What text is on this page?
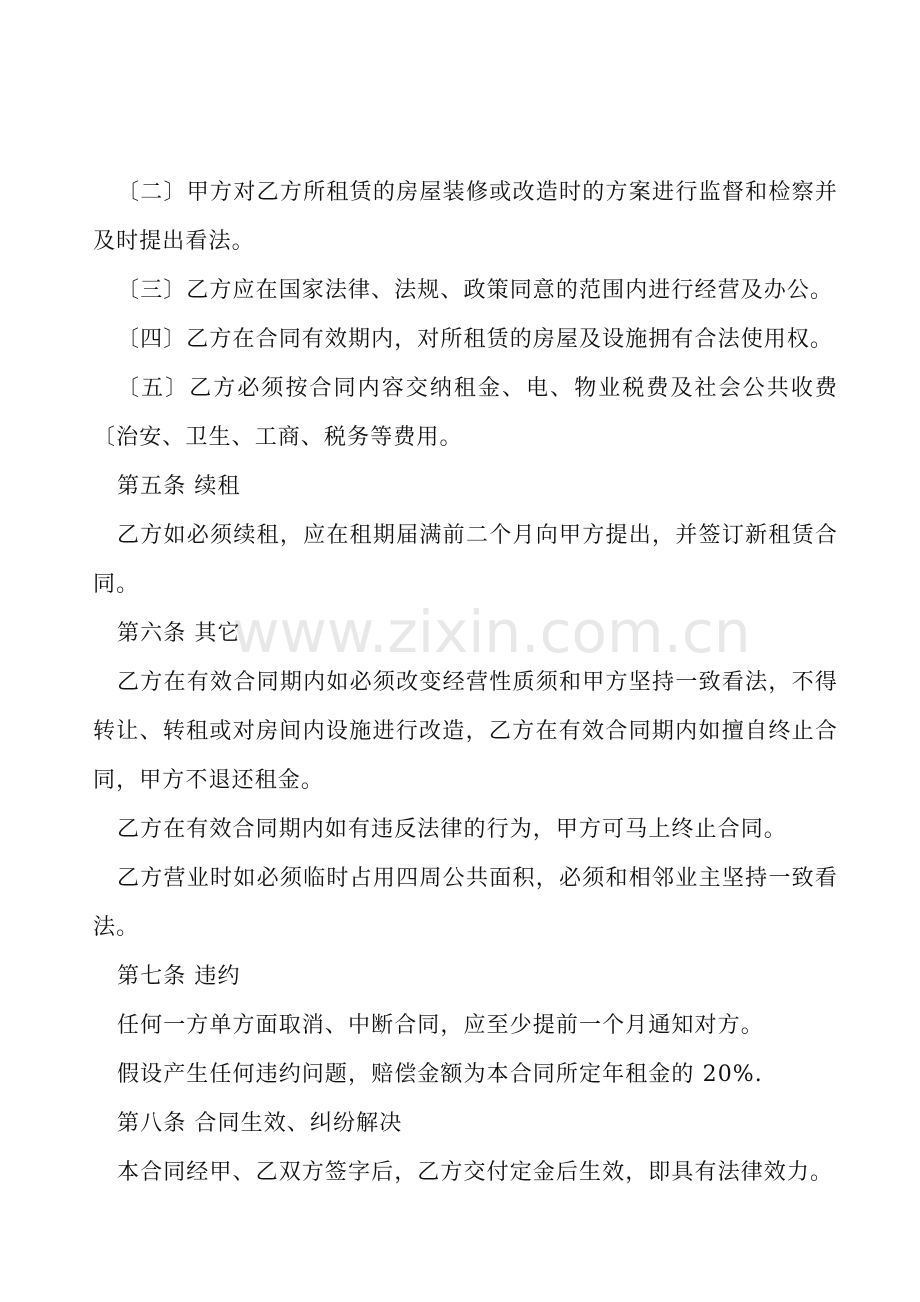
〔二〕甲方对乙方所租赁的房屋装修或改造时的方案进行监督和检察并及时提出看法。

〔三〕乙方应在国家法律、法规、政策同意的范围内进行经营及办公。

〔四〕乙方在合同有效期内，对所租赁的房屋及设施拥有合法使用权。

〔五〕乙方必须按合同内容交纳租金、电、物业税费及社会公共收费〔治安、卫生、工商、税务等费用。

第五条 续租

乙方如必须续租，应在租期届满前二个月向甲方提出，并签订新租赁合同。

第六条 其它

乙方在有效合同期内如必须改变经营性质须和甲方坚持一致看法，不得转让、转租或对房间内设施进行改造，乙方在有效合同期内如擅自终止合同，甲方不退还租金。

乙方在有效合同期内如有违反法律的行为，甲方可马上终止合同。

乙方营业时如必须临时占用四周公共面积，必须和相邻业主坚持一致看法。

第七条 违约

任何一方单方面取消、中断合同，应至少提前一个月通知对方。

假设产生任何违约问题，赔偿金额为本合同所定年租金的 20%.

第八条 合同生效、纠纷解决

本合同经甲、乙双方签字后，乙方交付定金后生效，即具有法律效力。

www.zixin.com.cn
